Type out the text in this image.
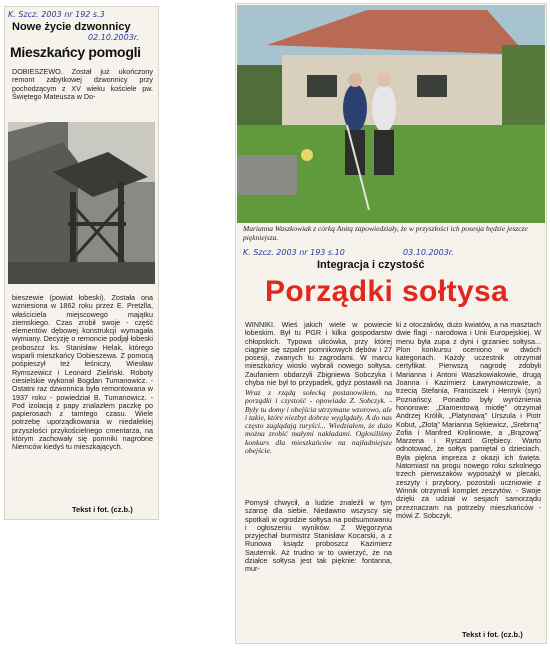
K. Szcz. 2003 nr 192 s.3
Nowe życie dzwonnicy
02.10.2003r.
Mieszkańcy pomogli
DOBIESZEWO. Został już ukończony remont zabytkowej dzwonnicy przy pochodzącym z XV wieku kościele pw. Świętego Mateusza w Do-
bieszewie (powiat łobeski). Została ona wzniesiona w 1862 roku przez E. Pretzlla, właściciela miejscowego majątku ziemskiego. Czas zrobił swoje - część elementów dębowej konstrukcji wymagała wymiany. Decyzję o remoncie podjął łobeski proboszcz ks. Stanisław Helak, którego wsparli mieszkańcy Dobieszewa. Z pomocą pośpieszył też leśniczy, Wiesław Rymszewicz i Leonard Zieliński. Roboty ciesielskie wykonał Bogdan Tumanowicz. - Ostatni raz dzwonnica była remontowana w 1937 roku - powiedział B. Tumanowicz. - Pod izolacją z papy znalazłem paczkę po papierosach z tamtego czasu. Wiele potrzebę uporządkowania w niedalekiej przyszłości przykościelnego cmentarza, na którym zachowały się pomniki nagrobne Niemców kiedyś tu mieszkających.
Tekst i fot. (cz.b.)
Marianna Waszkowiak z córką Anitą zapowiedziały, że w przyszłości ich posesja będzie jeszcze piękniejsza.
K. Szcz. 2003 nr 193 s.10	03.10.2003r.
Integracja i czystość
Porządki sołtysa
WINNIKI. Wieś jakich wiele w powiecie łobeskim. Był tu PGR i kilka gospodarstw chłopskich. Typowa ulicówka, przy której ciągnie się szpaler pomnikowych dębów i 27 posesji, zwanych tu zagrodami. W marcu mieszkańcy wioski wybrali nowego sołtysa. Zaufaniem obdarzyli Zbigniewa Sobczyka i chyba nie był to przypadek, gdyż postawili na
Wraz z rządą sołecką postanowiłem, na porządki i czystość - opowiada Z. Sobczyk. - Były tu domy i obejścia utrzymane wzorowo, ale i takie, które niezbyt dobrze wyglądały. A do nas często zaglądają turyści... Wiedziałem, że dużo można zrobić małymi nakładami. Ogłosiliśmy konkurs dla mieszkańców na najładniejsze obejście.
Pomysł chwycił, a ludzie znaleźli w tym szansę dla siebie. Niedawno wszyscy się spotkali w ogrodzie sołtysa na podsumowaniu i ogłoszeniu wyników. Z Węgorzyna przyjechał burmistrz Stanisław Kocarski, a z Runowa ksiądz proboszcz Kazimierz Sauternik. Aż trudno w to uwierzyć, że na działce sołtysa jest tak pięknie: fontanna, mur-
ki z otoczaków, dużo kwiatów, a na masztach dwie flagi - narodowa i Unii Europejskiej. W menu była zupa z dyni i grzaniec sołtysa... Plon konkursu oceniono w dwóch kategoriach. Każdy uczestnik otrzymał certyfikat. Pierwszą nagrodę zdobyli Marianna i Antoni Waszkowiakowie, drugą Joanna i Kazimierz Ławrynowiczowie, a trzecią Stefania, Franciszek i Henryk (syn) Poznańscy. Ponadto były wyróżnienia honorowe: „Diamentową miotłę" otrzymał Andrzej Królik, „Platynową" Urszula i Piotr Kobut, „Złotą" Marianna Sękiewicz, „Srebrną" Zofia i Manfred Krolinowie, a „Brązową" Marzena i Ryszard Grębiecy. Warto odnotować, że sołtys pamiętał o dzieciach. Była piękna impreza z okazji ich święta. Natomiast na progu nowego roku szkolnego trzech pierwszaków wyposażył w plecaki, zeszyty i przybory, pozostali uczniowie z Winnik otrzymali komplet zeszytów. - Swoje dzięki za udział w sesjach samorządu przeznaczam na potrzeby mieszkańców - mówi Z. Sobczyk.
Tekst i fot. (cz.b.)
